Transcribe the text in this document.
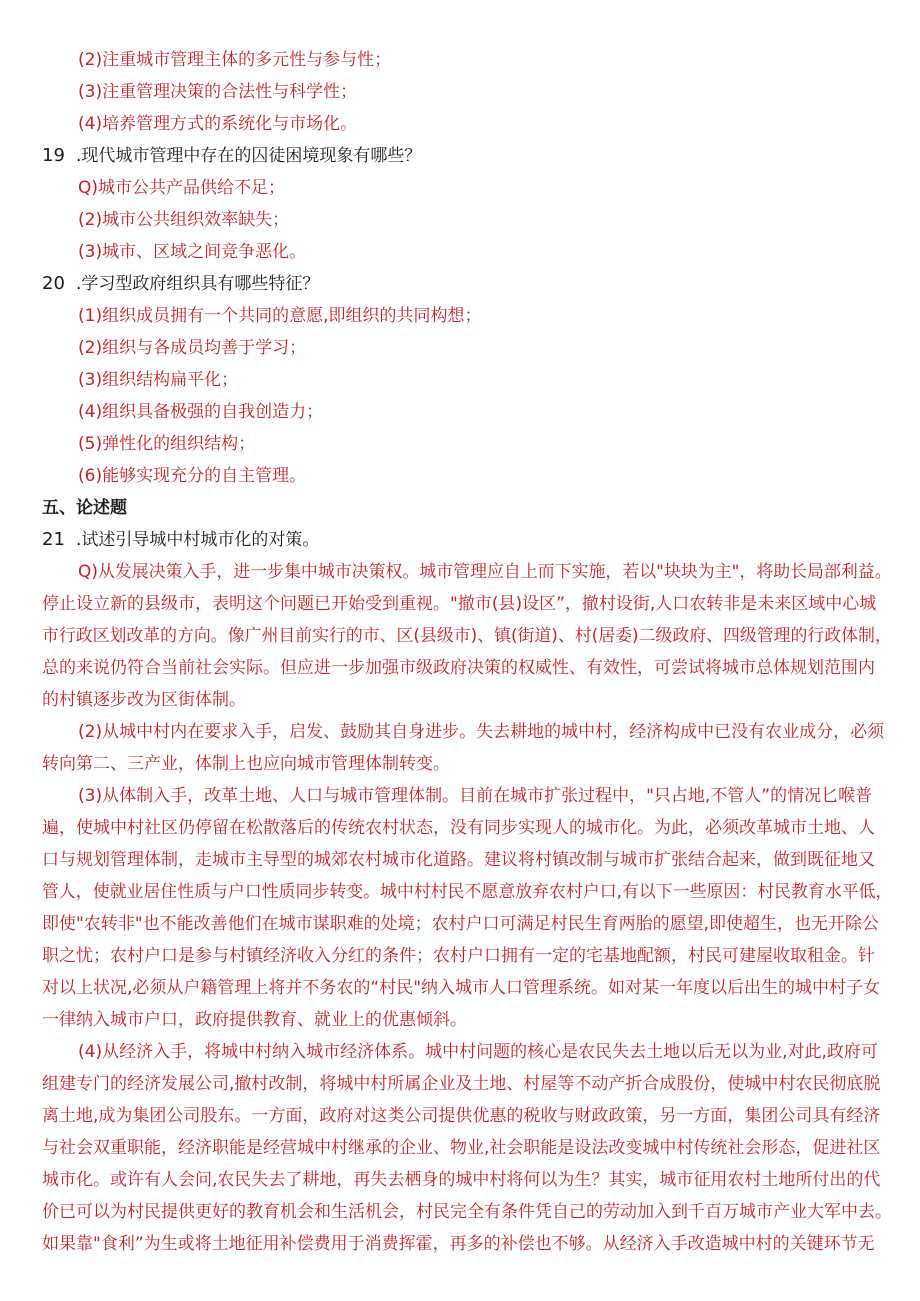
(2)注重城市管理主体的多元性与参与性；
(3)注重管理决策的合法性与科学性；
(4)培养管理方式的系统化与市场化。
19 .现代城市管理中存在的囚徒困境现象有哪些？
Q)城市公共产品供给不足；
(2)城市公共组织效率缺失；
(3)城市、区域之间竞争恶化。
20 .学习型政府组织具有哪些特征？
(1)组织成员拥有一个共同的意愿,即组织的共同构想；
(2)组织与各成员均善于学习；
(3)组织结构扁平化；
(4)组织具备极强的自我创造力；
(5)弹性化的组织结构；
(6)能够实现充分的自主管理。
五、论述题
21 .试述引导城中村城市化的对策。
Q)从发展决策入手，进一步集中城市决策权。城市管理应自上而下实施，若以"块块为主"，将助长局部利益。
停止设立新的县级市，表明这个问题已开始受到重视。"撤市(县)设区”，撤村设街,人口农转非是未来区域中心城
市行政区划改革的方向。像广州目前实行的市、区(县级市)、镇(街道)、村(居委)二级政府、四级管理的行政体制，
总的来说仍符合当前社会实际。但应进一步加强市级政府决策的权威性、有效性，可尝试将城市总体规划范围内
的村镇逐步改为区街体制。
(2)从城中村内在要求入手，启发、鼓励其自身进步。失去耕地的城中村，经济构成中已没有农业成分，必须
转向第二、三产业，体制上也应向城市管理体制转变。
(3)从体制入手，改革土地、人口与城市管理体制。目前在城市扩张过程中，"只占地,不管人”的情况匕喉普
遍，使城中村社区仍停留在松散落后的传统农村状态，没有同步实现人的城市化。为此，必须改革城市土地、人
口与规划管理体制，走城市主导型的城郊农村城市化道路。建议将村镇改制与城市扩张结合起来，做到既征地又
管人，使就业居住性质与户口性质同步转变。城中村村民不愿意放弃农村户口,有以下一些原因：村民教育水平低，
即使"农转非"也不能改善他们在城市谋职难的处境；农村户口可满足村民生育两胎的愿望,即使超生，也无开除公
职之忧；农村户口是参与村镇经济收入分红的条件；农村户口拥有一定的宅基地配额，村民可建屋收取租金。针
对以上状况,必须从户籍管理上将并不务农的“村民"纳入城市人口管理系统。如对某一年度以后出生的城中村子女
一律纳入城市户口，政府提供教育、就业上的优惠倾斜。
(4)从经济入手，将城中村纳入城市经济体系。城中村问题的核心是农民失去土地以后无以为业,对此,政府可
组建专门的经济发展公司,撤村改制，将城中村所属企业及土地、村屋等不动产折合成股份，使城中村农民彻底脱
离土地,成为集团公司股东。一方面，政府对这类公司提供优惠的税收与财政政策，另一方面，集团公司具有经济
与社会双重职能，经济职能是经营城中村继承的企业、物业,社会职能是设法改变城中村传统社会形态，促进社区
城市化。或许有人会问,农民失去了耕地，再失去栖身的城中村将何以为生？其实，城市征用农村土地所付出的代
价已可以为村民提供更好的教育机会和生活机会，村民完全有条件凭自己的劳动加入到千百万城市产业大军中去。
如果靠"食利”为生或将土地征用补偿费用于消费挥霍，再多的补偿也不够。从经济入手改造城中村的关键环节无
